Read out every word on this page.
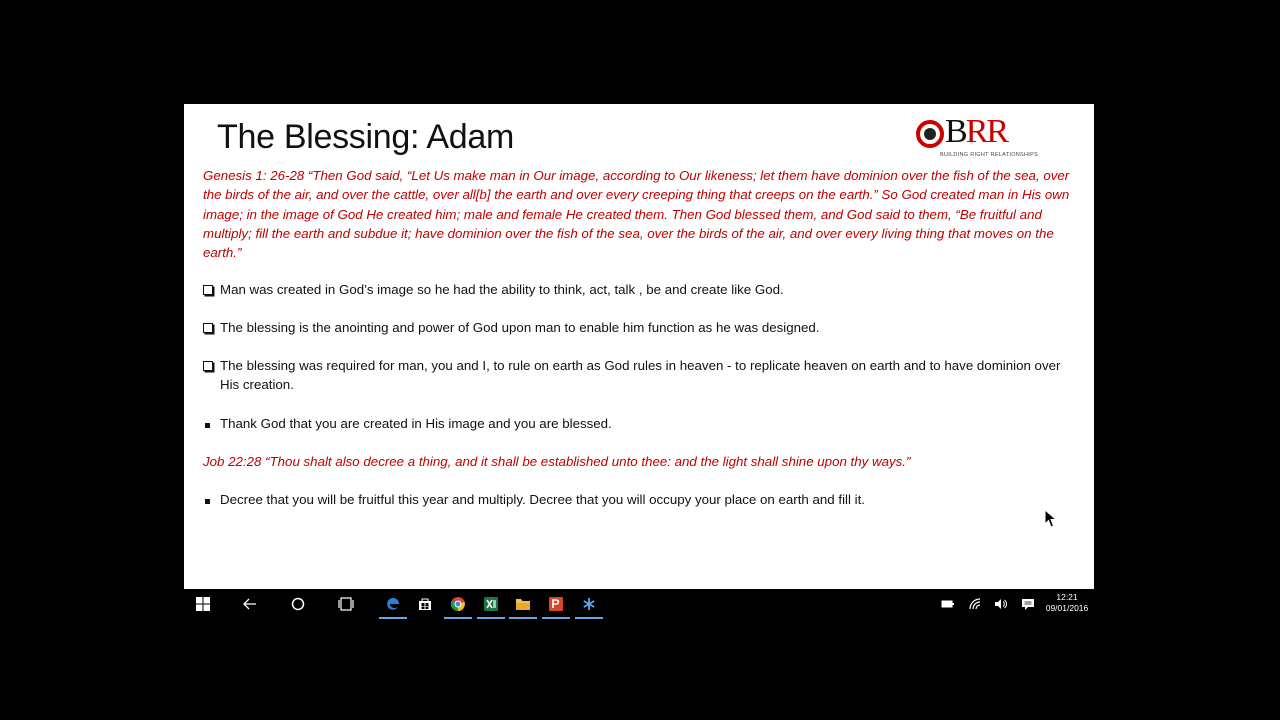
The Blessing: Adam	BRR
BUILDING RIGHT RELATIONSHIPS
Genesis 1: 26-28 “Then God said, “Let Us make man in Our image, according to Our likeness; let them have dominion over the fish of the sea, over the birds of the air, and over the cattle, over all[b] the earth and over every creeping thing that creeps on the earth.” So God created man in His own image; in the image of God He created him; male and female He created them. Then God blessed them, and God said to them, “Be fruitful and multiply; fill the earth and subdue it; have dominion over the fish of the sea, over the birds of the air, and over every living thing that moves on the earth.”
Man was created in God’s image so he had the ability to think, act, talk , be and create like God.
The blessing is the anointing and power of God upon man to enable him function as he was designed.
The blessing was required for man, you and I, to rule on earth as God rules in heaven - to replicate heaven on earth and to have dominion over His creation.
Thank God that you are created in His image and you are blessed.
Job 22:28 “Thou shalt also decree a thing, and it shall be established unto thee: and the light shall shine upon thy ways.”
Decree that you will be fruitful this year and multiply. Decree that you will occupy your place on earth and fill it.
12:21
09/01/2016
